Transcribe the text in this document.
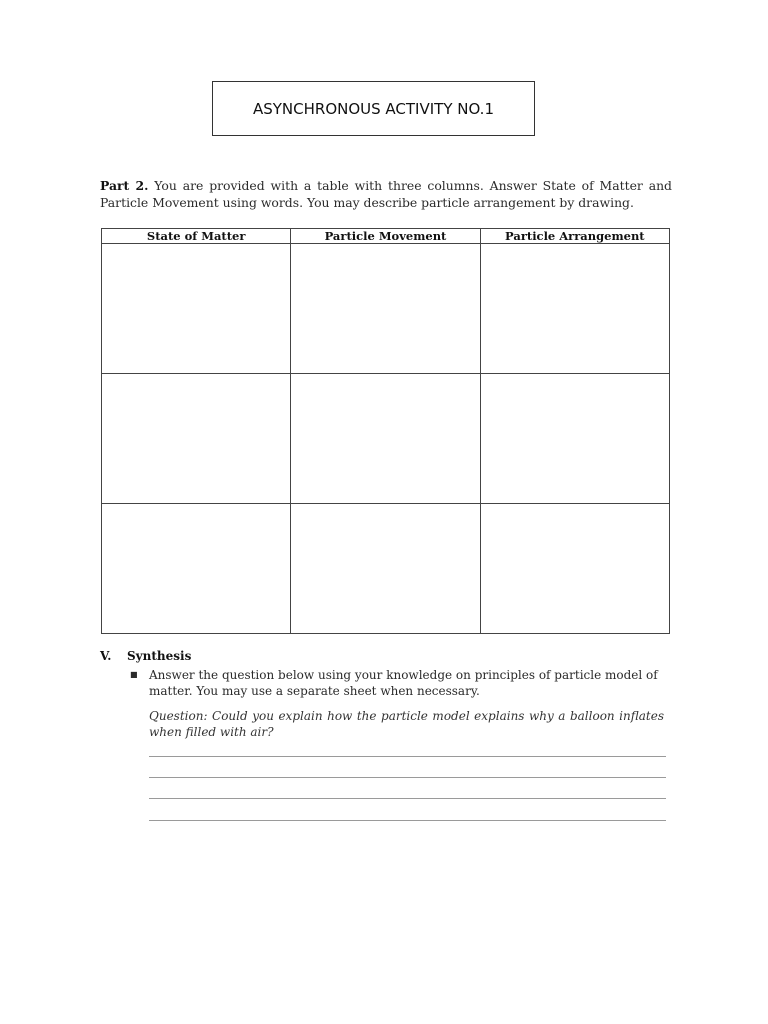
ASYNCHRONOUS ACTIVITY NO.1
Part 2. You are provided with a table with three columns. Answer State of Matter and Particle Movement using words. You may describe particle arrangement by drawing.
State of Matter	Particle Movement	Particle Arrangement

V. Synthesis
■ Answer the question below using your knowledge on principles of particle model of matter. You may use a separate sheet when necessary.
Question: Could you explain how the particle model explains why a balloon inflates when filled with air?
